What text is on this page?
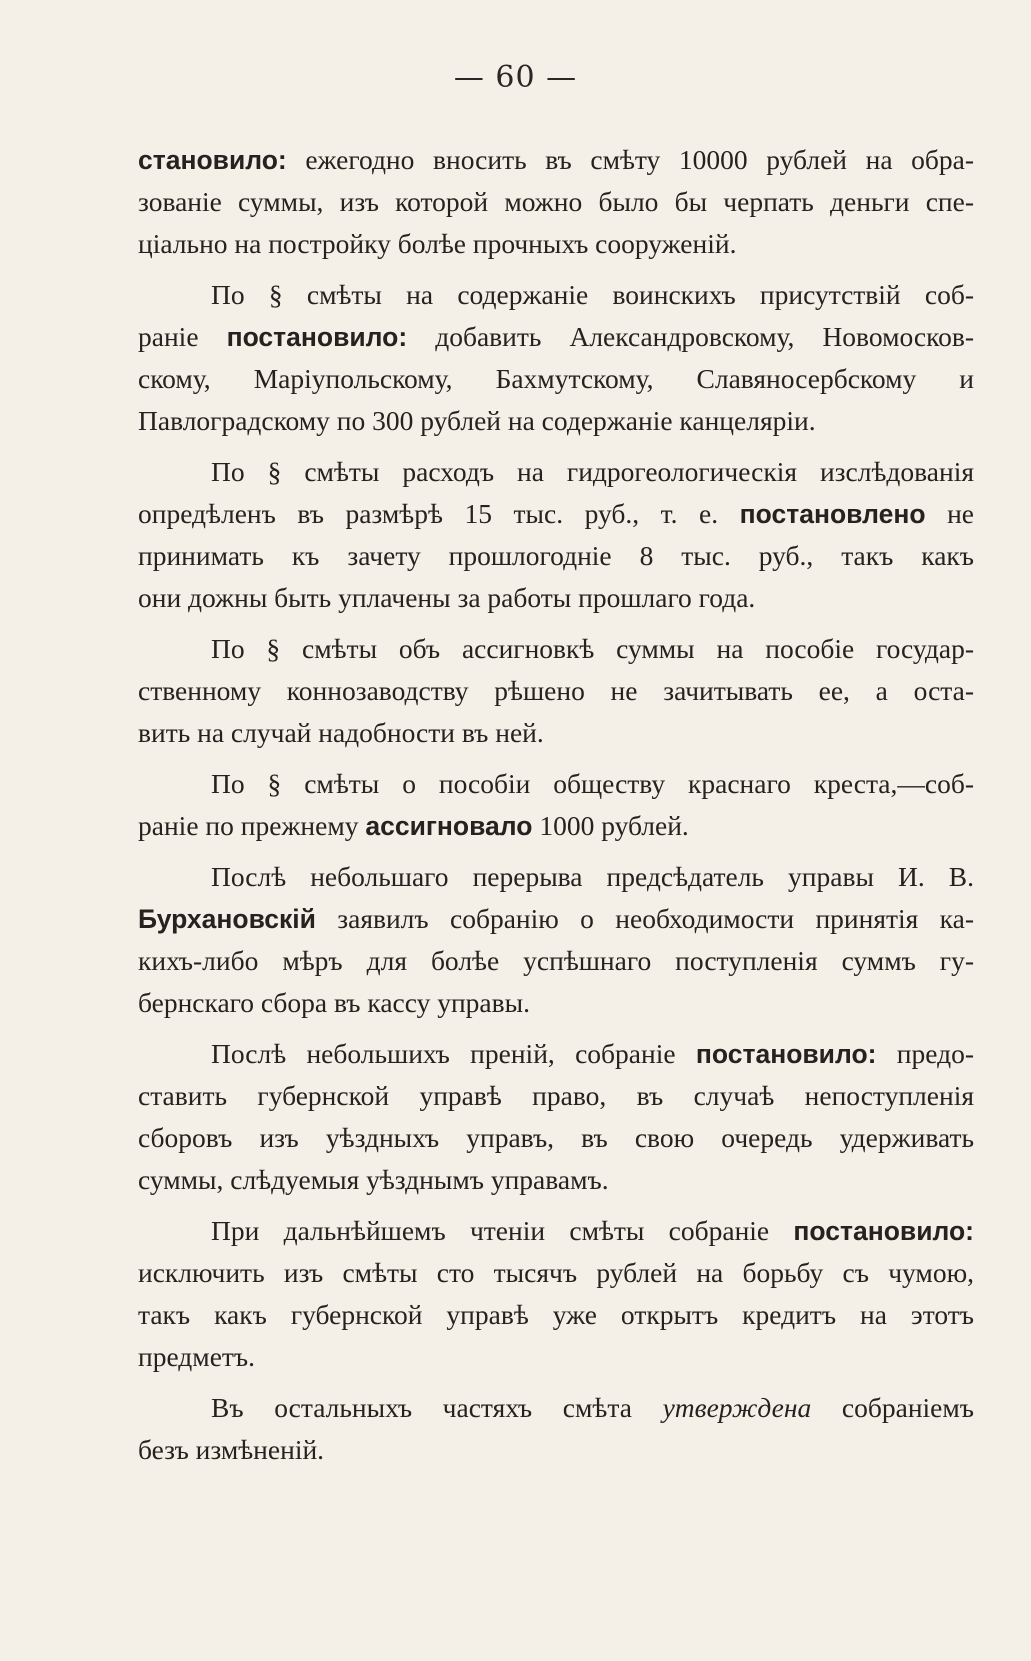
— 60 —
становило: ежегодно вносить въ смѣту 10000 рублей на обра-
зованіе суммы, изъ которой можно было бы черпать деньги спе-
ціально на постройку болѣе прочныхъ сооруженій.
По § смѣты на содержаніе воинскихъ присутствій соб-
раніе постановило: добавить Александровскому, Новомосков-
скому, Маріупольскому, Бахмутскому, Славяносербскому и
Павлоградскому по 300 рублей на содержаніе канцеляріи.
По § смѣты расходъ на гидрогеологическія изслѣдованія
опредѣленъ въ размѣрѣ 15 тыс. руб., т. е. постановлено не
принимать къ зачету прошлогодніе 8 тыс. руб., такъ какъ
они дожны быть уплачены за работы прошлаго года.
По § смѣты объ ассигновкѣ суммы на пособіе государ-
ственному коннозаводству рѣшено не зачитывать ее, а оста-
вить на случай надобности въ ней.
По § смѣты о пособіи обществу краснаго креста,—соб-
раніе по прежнему ассигновало 1000 рублей.
Послѣ небольшаго перерыва предсѣдатель управы И. В.
Бурхановскій заявилъ собранію о необходимости принятія ка-
кихъ-либо мѣръ для болѣе успѣшнаго поступленія суммъ гу-
бернскаго сбора въ кассу управы.
Послѣ небольшихъ преній, собраніе постановило: предо-
ставить губернской управѣ право, въ случаѣ непоступленія
сборовъ изъ уѣздныхъ управъ, въ свою очередь удерживать
суммы, слѣдуемыя уѣзднымъ управамъ.
При дальнѣйшемъ чтеніи смѣты собраніе постановило:
исключить изъ смѣты сто тысячъ рублей на борьбу съ чумою,
такъ какъ губернской управѣ уже открытъ кредитъ на этотъ
предметъ.
Въ остальныхъ частяхъ смѣта утверждена собраніемъ
безъ измѣненій.
